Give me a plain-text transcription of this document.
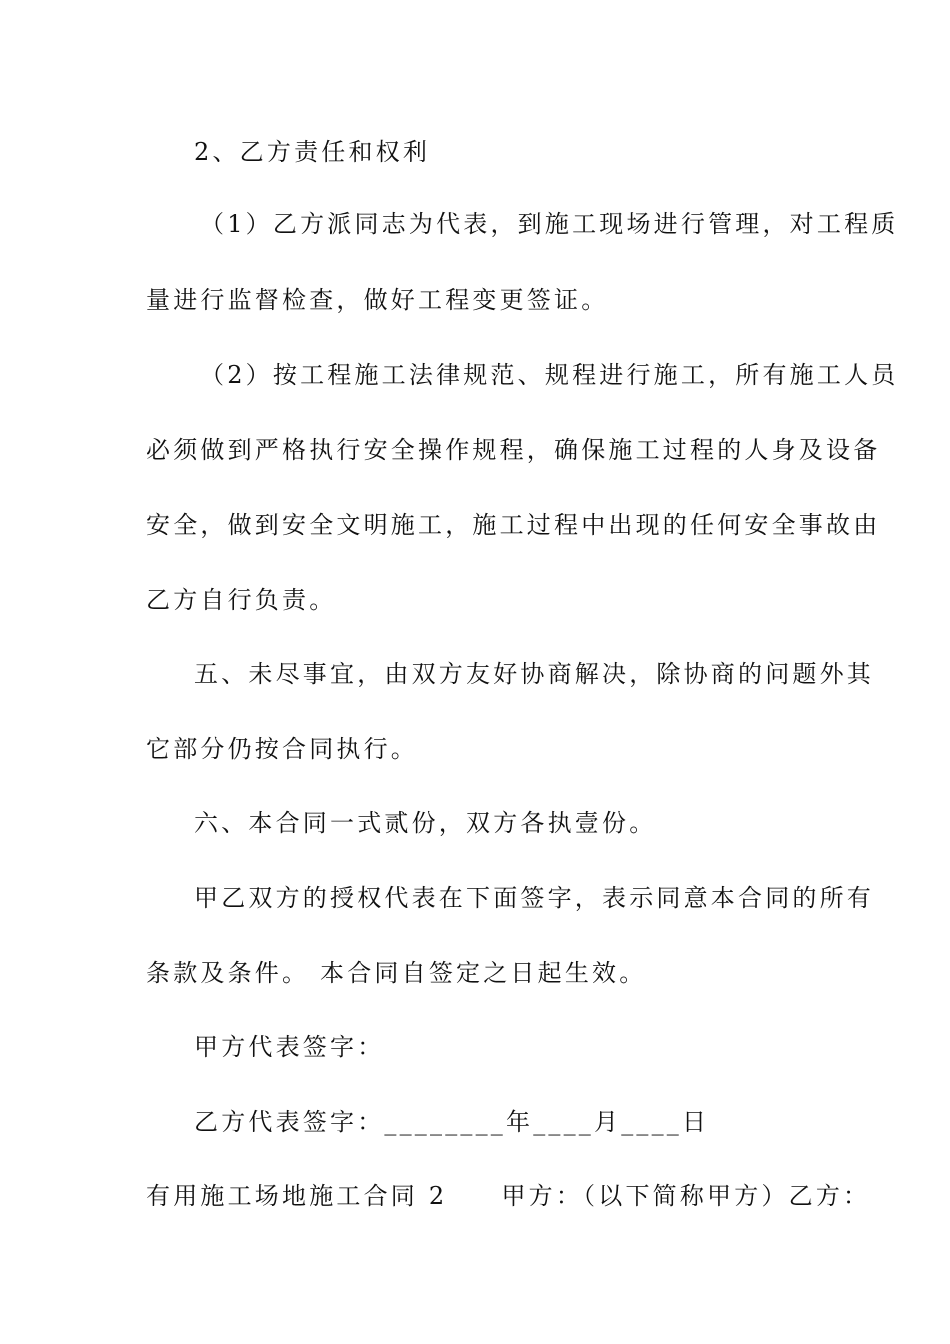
2、乙方责任和权利
（1）乙方派同志为代表，到施工现场进行管理，对工程质
量进行监督检查，做好工程变更签证。
（2）按工程施工法律规范、规程进行施工，所有施工人员
必须做到严格执行安全操作规程，确保施工过程的人身及设备
安全，做到安全文明施工，施工过程中出现的任何安全事故由
乙方自行负责。
五、未尽事宜，由双方友好协商解决，除协商的问题外其
它部分仍按合同执行。
六、本合同一式贰份，双方各执壹份。
甲乙双方的授权代表在下面签字，表示同意本合同的所有
条款及条件。 本合同自签定之日起生效。
甲方代表签字：
乙方代表签字：________年____月____日
有用施工场地施工合同 2     甲方：（以下简称甲方）乙方：
